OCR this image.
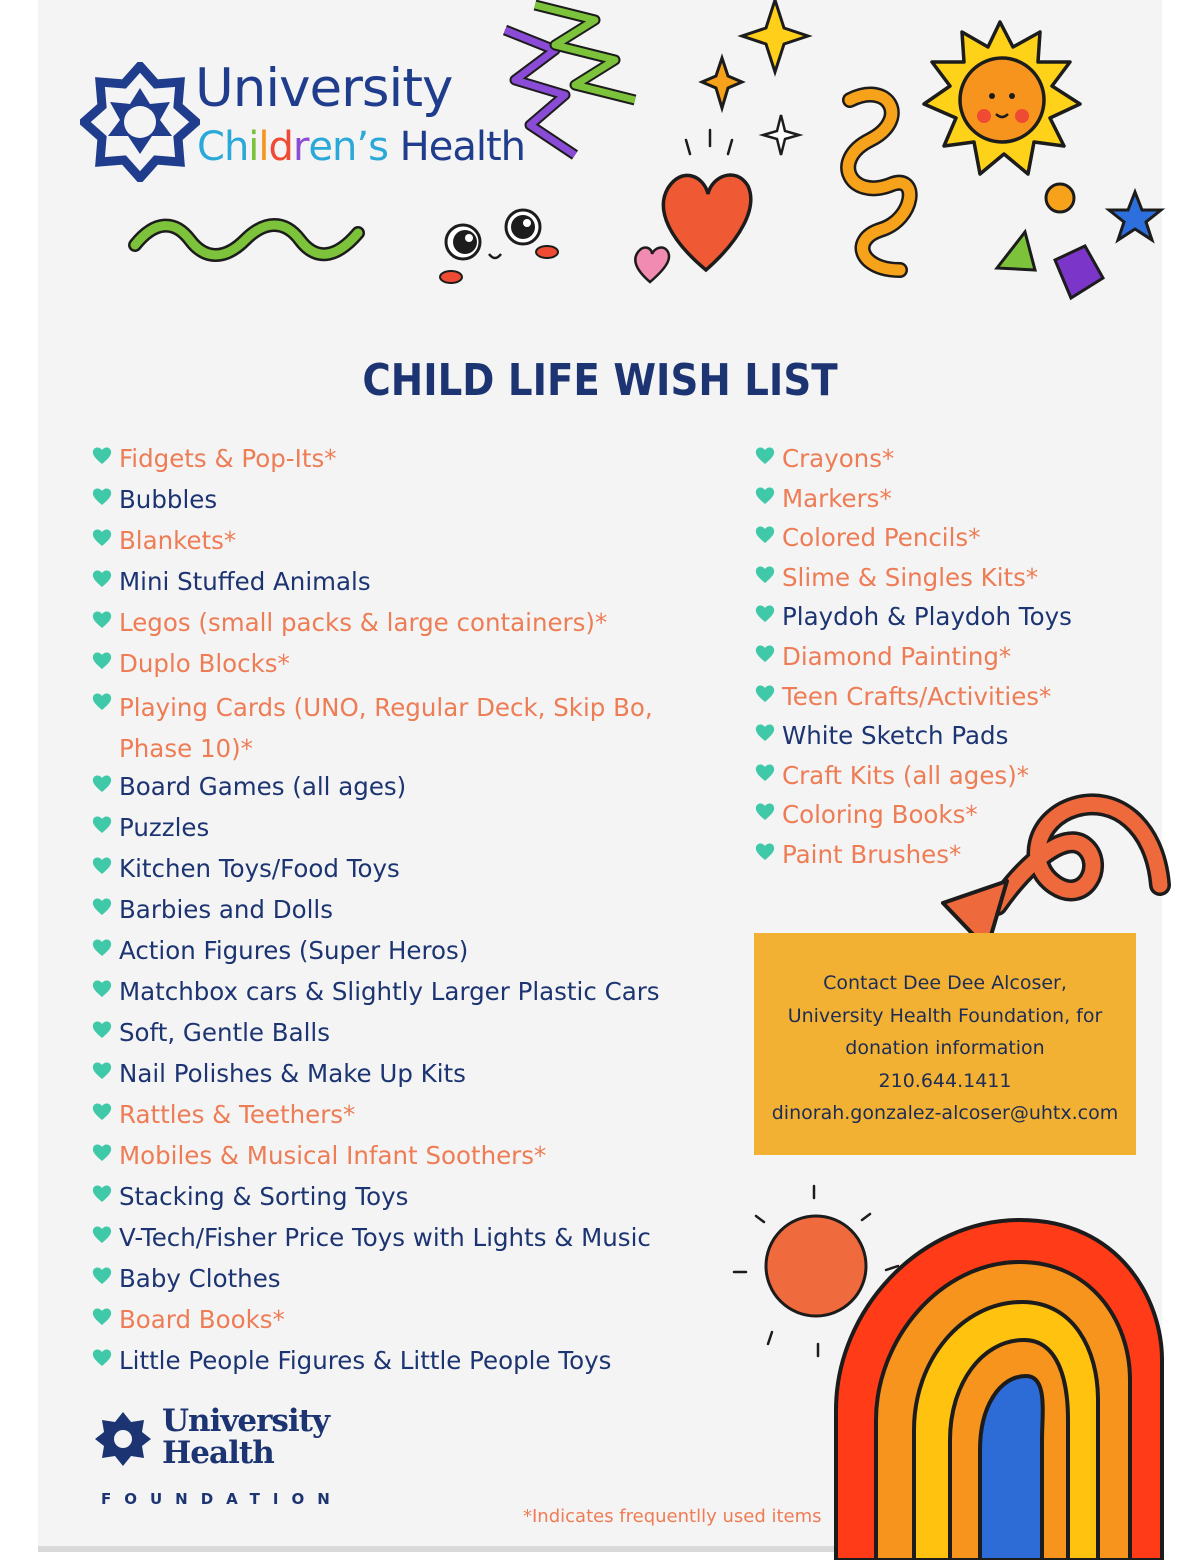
University
Children’s Health
CHILD LIFE WISH LIST
Fidgets & Pop-Its*
Bubbles
Blankets*
Mini Stuffed Animals
Legos (small packs & large containers)*
Duplo Blocks*
Playing Cards (UNO, Regular Deck, Skip Bo, Phase 10)*
Board Games (all ages)
Puzzles
Kitchen Toys/Food Toys
Barbies and Dolls
Action Figures (Super Heros)
Matchbox cars & Slightly Larger Plastic Cars
Soft, Gentle Balls
Nail Polishes & Make Up Kits
Rattles & Teethers*
Mobiles & Musical Infant Soothers*
Stacking & Sorting Toys
V-Tech/Fisher Price Toys with Lights & Music
Baby Clothes
Board Books*
Little People Figures & Little People Toys
Crayons*
Markers*
Colored Pencils*
Slime & Singles Kits*
Playdoh & Playdoh Toys
Diamond Painting*
Teen Crafts/Activities*
White Sketch Pads
Craft Kits (all ages)*
Coloring Books*
Paint Brushes*
Contact Dee Dee Alcoser,
University Health Foundation, for
donation information
210.644.1411
dinorah.gonzalez-alcoser@uhtx.com
University
Health
FOUNDATION
*Indicates frequentlly used items
